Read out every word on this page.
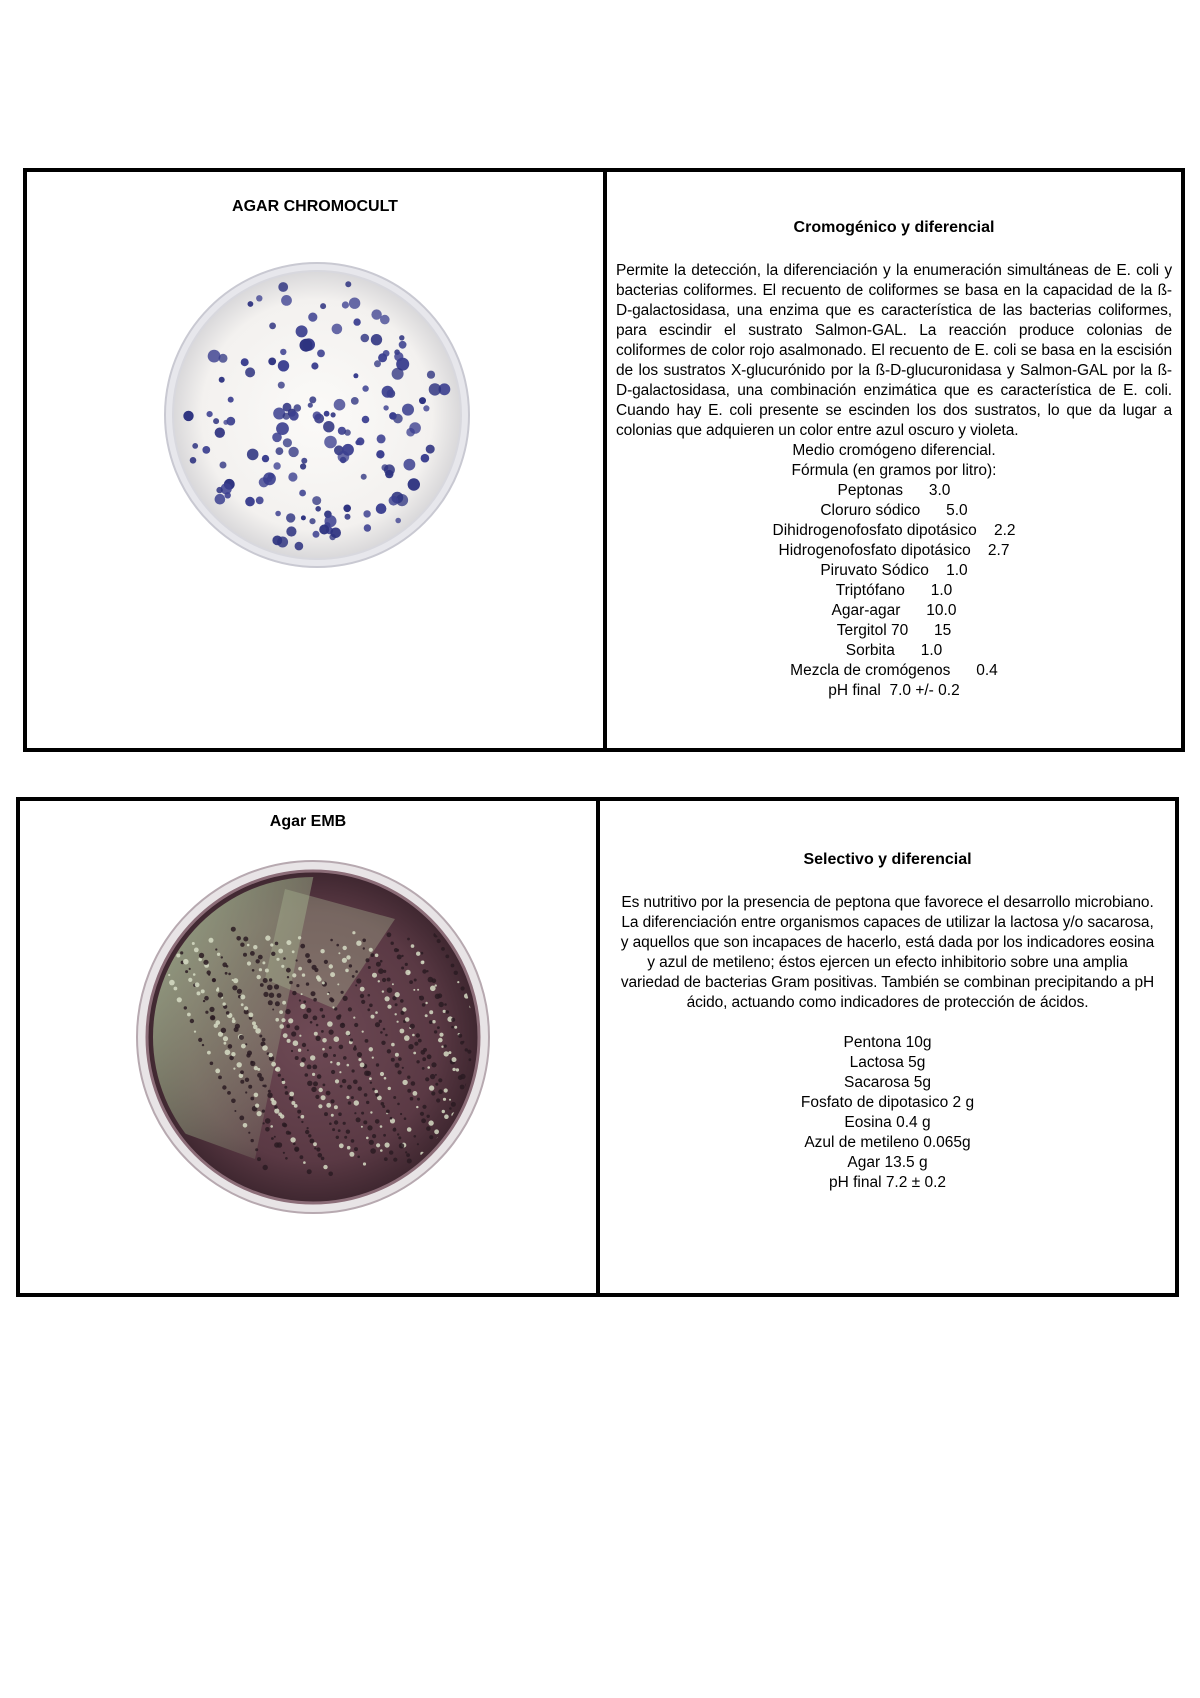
AGAR CHROMOCULT

Cromogénico y diferencial

Permite la detección, la diferenciación y la enumeración simultáneas de E. coli y bacterias coliformes. El recuento de coliformes se basa en la capacidad de la ß-D-galactosidasa, una enzima que es característica de las bacterias coliformes, para escindir el sustrato Salmon-GAL. La reacción produce colonias de coliformes de color rojo asalmonado. El recuento de E. coli se basa en la escisión de los sustratos X-glucurónido por la ß-D-glucuronidasa y Salmon-GAL por la ß-D-galactosidasa, una combinación enzimática que es característica de E. coli. Cuando hay E. coli presente se escinden los dos sustratos, lo que da lugar a colonias que adquieren un color entre azul oscuro y violeta.

Medio cromógeno diferencial.
Fórmula (en gramos por litro):
Peptonas      3.0
Cloruro sódico      5.0
Dihidrogenofosfato dipotásico    2.2
Hidrogenofosfato dipotásico    2.7
Piruvato Sódico    1.0
Triptófano      1.0
Agar-agar      10.0
Tergitol 70      15
Sorbita      1.0
Mezcla de cromógenos      0.4
pH final  7.0 +/- 0.2
Agar EMB

Selectivo y diferencial

Es nutritivo por la presencia de peptona que favorece el desarrollo microbiano. La diferenciación entre organismos capaces de utilizar la lactosa y/o sacarosa, y aquellos que son incapaces de hacerlo, está dada por los indicadores eosina y azul de metileno; éstos ejercen un efecto inhibitorio sobre una amplia variedad de bacterias Gram positivas. También se combinan precipitando a pH ácido, actuando como indicadores de protección de ácidos.

Pentona 10g
Lactosa 5g
Sacarosa 5g
Fosfato de dipotasico 2 g
Eosina 0.4 g
Azul de metileno 0.065g
Agar 13.5 g
pH final 7.2 ± 0.2
